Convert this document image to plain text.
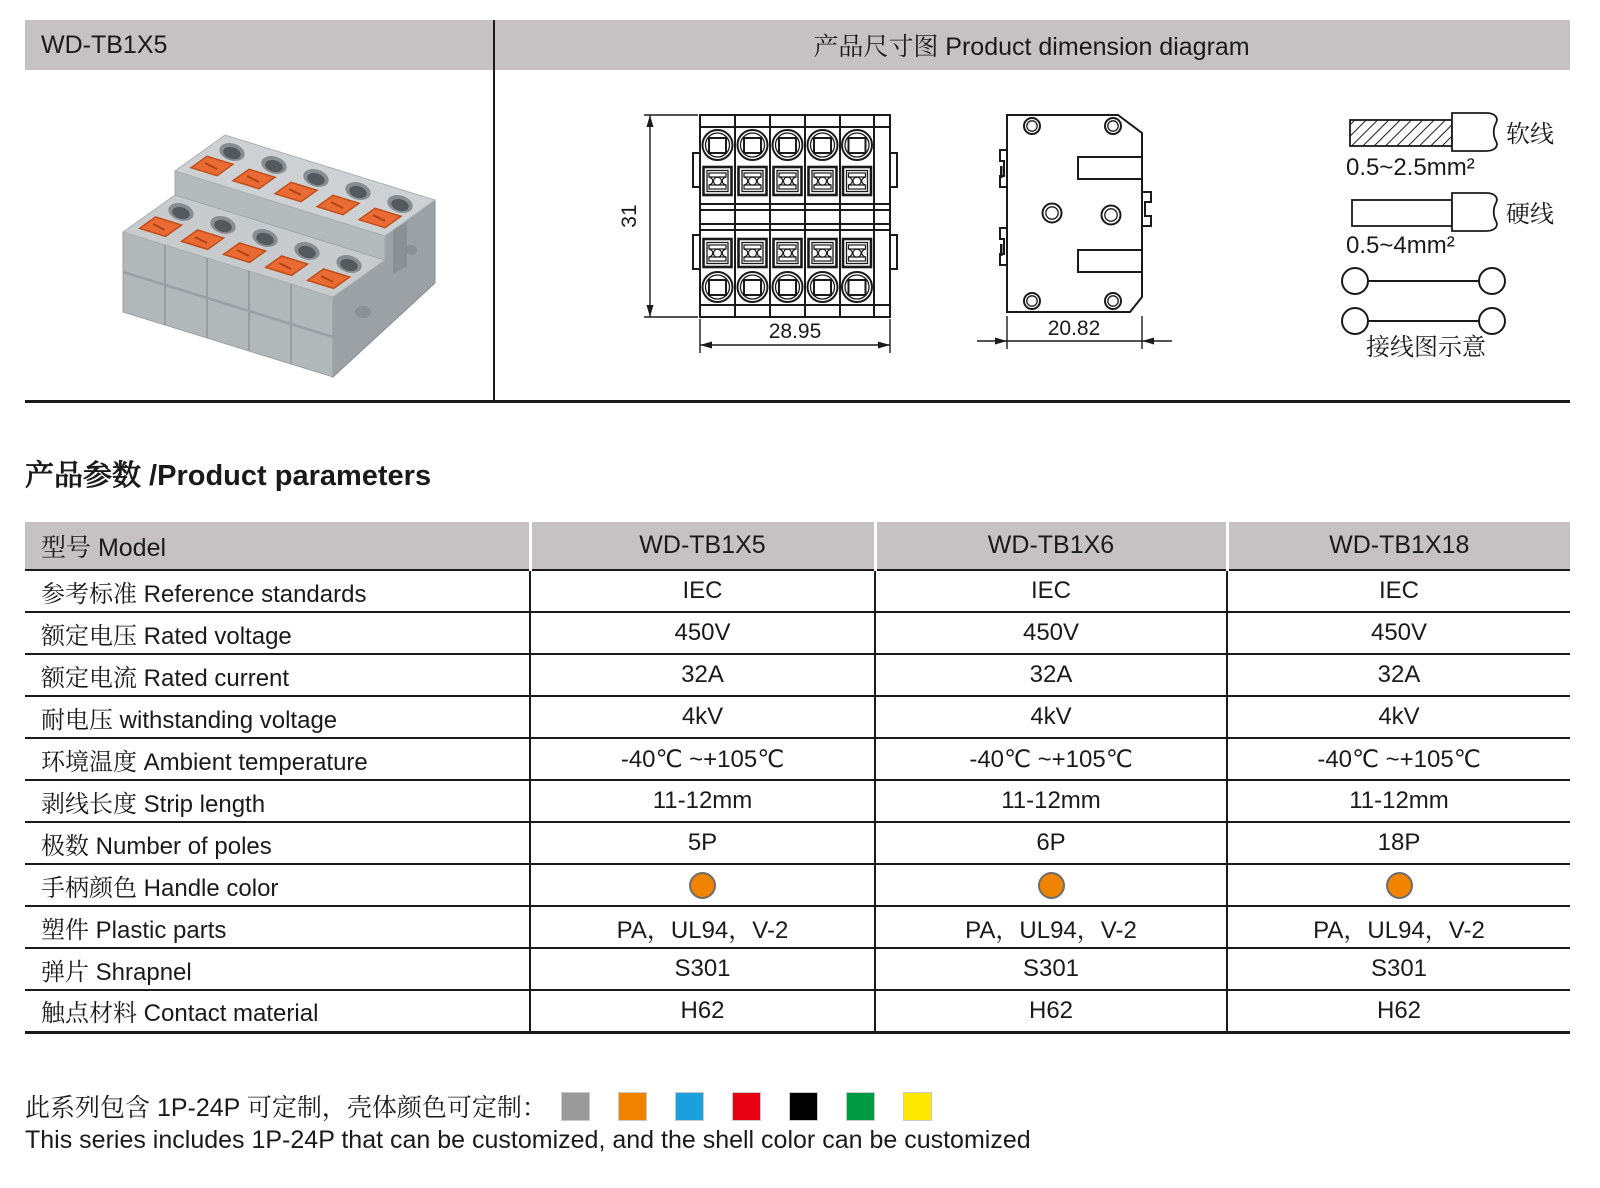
WD-TB1X5	产品尺寸图 Product dimension diagram
31
28.95	20.82
软线
0.5~2.5mm²
硬线
0.5~4mm²
接线图示意
产品参数 /Product parameters
型号 Model	WD-TB1X5	WD-TB1X6	WD-TB1X18
参考标准 Reference standards	IEC	IEC	IEC
额定电压 Rated voltage	450V	450V	450V
额定电流 Rated current	32A	32A	32A
耐电压 withstanding voltage	4kV	4kV	4kV
环境温度 Ambient temperature	-40℃ ~+105℃	-40℃ ~+105℃	-40℃ ~+105℃
剥线长度 Strip length	11-12mm	11-12mm	11-12mm
极数 Number of poles	5P	6P	18P
手柄颜色 Handle color			
塑件 Plastic parts	PA，UL94，V-2	PA，UL94，V-2	PA，UL94，V-2
弹片 Shrapnel	S301	S301	S301
触点材料 Contact material	H62	H62	H62
此系列包含 1P-24P 可定制，壳体颜色可定制：
This series includes 1P-24P that can be customized, and the shell color can be customized
